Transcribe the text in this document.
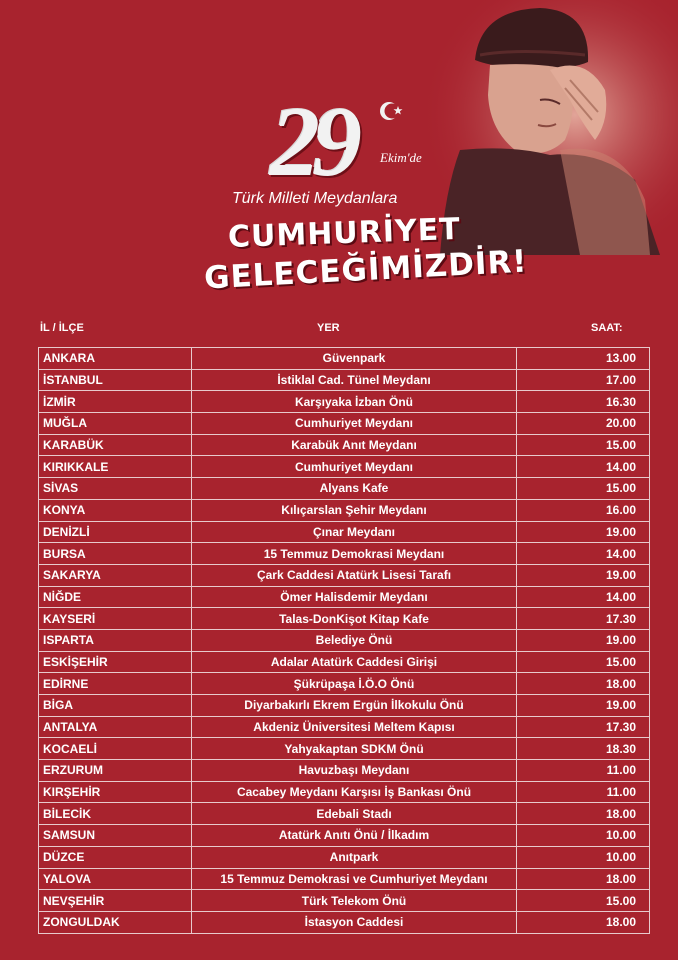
29 Ekim'de
Türk Milleti Meydanlara
CUMHURİYET
GELECEĞİMİZDİR!
İL / İLÇE	YER	SAAT:
ANKARA	Güvenpark	13.00
İSTANBUL	İstiklal Cad. Tünel Meydanı	17.00
İZMİR	Karşıyaka İzban Önü	16.30
MUĞLA	Cumhuriyet Meydanı	20.00
KARABÜK	Karabük Anıt Meydanı	15.00
KIRIKKALE	Cumhuriyet Meydanı	14.00
SİVAS	Alyans Kafe	15.00
KONYA	Kılıçarslan Şehir Meydanı	16.00
DENİZLİ	Çınar Meydanı	19.00
BURSA	15 Temmuz Demokrasi Meydanı	14.00
SAKARYA	Çark Caddesi Atatürk Lisesi Tarafı	19.00
NİĞDE	Ömer Halisdemir Meydanı	14.00
KAYSERİ	Talas-DonKişot Kitap Kafe	17.30
ISPARTA	Belediye Önü	19.00
ESKİŞEHİR	Adalar Atatürk Caddesi Girişi	15.00
EDİRNE	Şükrüpaşa İ.Ö.O Önü	18.00
BİGA	Diyarbakırlı Ekrem Ergün İlkokulu Önü	19.00
ANTALYA	Akdeniz Üniversitesi Meltem Kapısı	17.30
KOCAELİ	Yahyakaptan SDKM Önü	18.30
ERZURUM	Havuzbaşı Meydanı	11.00
KIRŞEHİR	Cacabey Meydanı Karşısı İş Bankası Önü	11.00
BİLECİK	Edebali Stadı	18.00
SAMSUN	Atatürk Anıtı Önü / İlkadım	10.00
DÜZCE	Anıtpark	10.00
YALOVA	15 Temmuz Demokrasi ve Cumhuriyet Meydanı	18.00
NEVŞEHİR	Türk Telekom Önü	15.00
ZONGULDAK	İstasyon Caddesi	18.00
